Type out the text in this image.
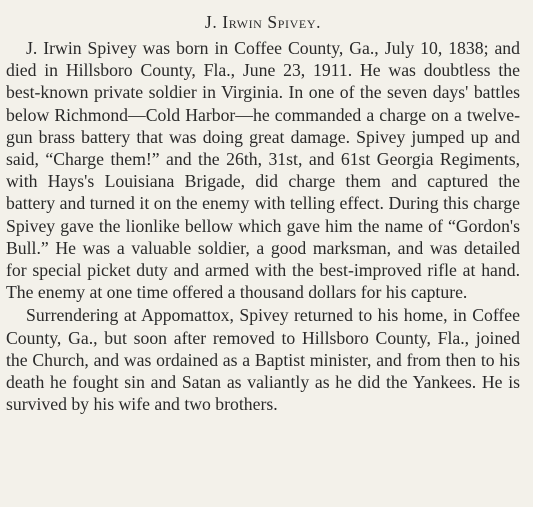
J. Irwin Spivey.

J. Irwin Spivey was born in Coffee County, Ga., July 10, 1838; and died in Hillsboro County, Fla., June 23, 1911. He was doubtless the best-known private soldier in Virginia. In one of the seven days' battles below Richmond—Cold Harbor—he commanded a charge on a twelve-gun brass battery that was doing great damage. Spivey jumped up and said, “Charge them!” and the 26th, 31st, and 61st Georgia Regiments, with Hays's Louisiana Brigade, did charge them and captured the battery and turned it on the enemy with telling effect. During this charge Spivey gave the lionlike bellow which gave him the name of “Gordon's Bull.” He was a valuable soldier, a good marksman, and was detailed for special picket duty and armed with the best-improved rifle at hand. The enemy at one time offered a thousand dollars for his capture.

Surrendering at Appomattox, Spivey returned to his home, in Coffee County, Ga., but soon after removed to Hillsboro County, Fla., joined the Church, and was ordained as a Baptist minister, and from then to his death he fought sin and Satan as valiantly as he did the Yankees. He is survived by his wife and two brothers.
